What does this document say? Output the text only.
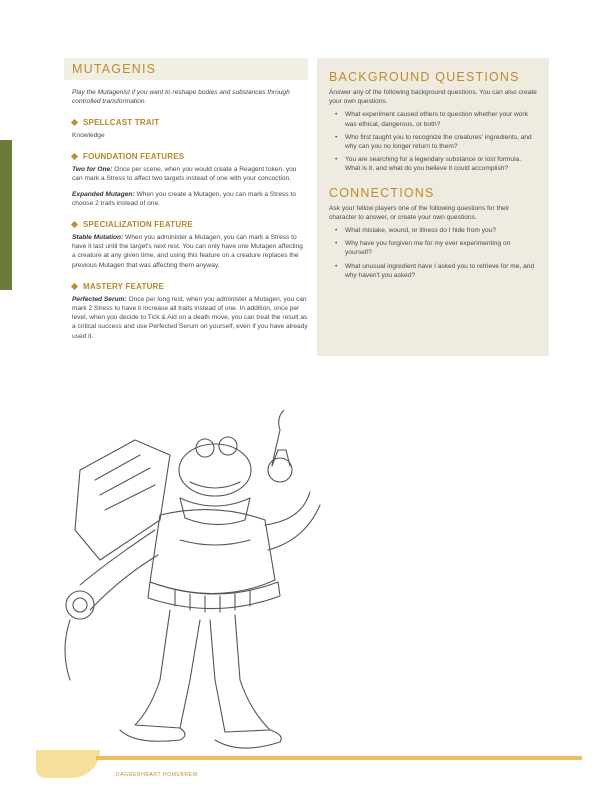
MUTAGENIS
Play the Mutagenist if you want to reshape bodies and substances through controlled transformation.
SPELLCAST TRAIT
Knowledge
FOUNDATION FEATURES
Two for One: Once per scene, when you would create a Reagent token, you can mark a Stress to affect two targets instead of one with your concoction.
Expanded Mutagen: When you create a Mutagen, you can mark a Stress to choose 2 traits instead of one.
SPECIALIZATION FEATURE
Stable Mutation: When you administer a Mutagen, you can mark a Stress to have it last until the target's next rest. You can only have one Mutagen affecting a creature at any given time, and using this feature on a creature replaces the previous Mutagen that was affecting them anyway.
MASTERY FEATURE
Perfected Serum: Once per long rest, when you administer a Mutagen, you can mark 2 Stress to have it increase all traits instead of one. In addition, once per level, when you decide to Tick & Aid on a death move, you can treat the result as a critical success and use Perfected Serum on yourself, even if you have already used it.
BACKGROUND QUESTIONS
Answer any of the following background questions. You can also create your own questions.
• What experiment caused others to question whether your work was ethical, dangerous, or both?
• Who first taught you to recognize the creatures' ingredients, and why can you no longer return to them?
• You are searching for a legendary substance or lost formula. What is it, and what do you believe it could accomplish?
CONNECTIONS
Ask your fellow players one of the following questions for their character to answer, or create your own questions.
• What mistake, wound, or illness do I hide from you?
• Why have you forgiven me for my ever experimenting on yourself?
• What unusual ingredient have I asked you to retrieve for me, and why haven't you asked?
DAGGERHEART HOMEBREW
